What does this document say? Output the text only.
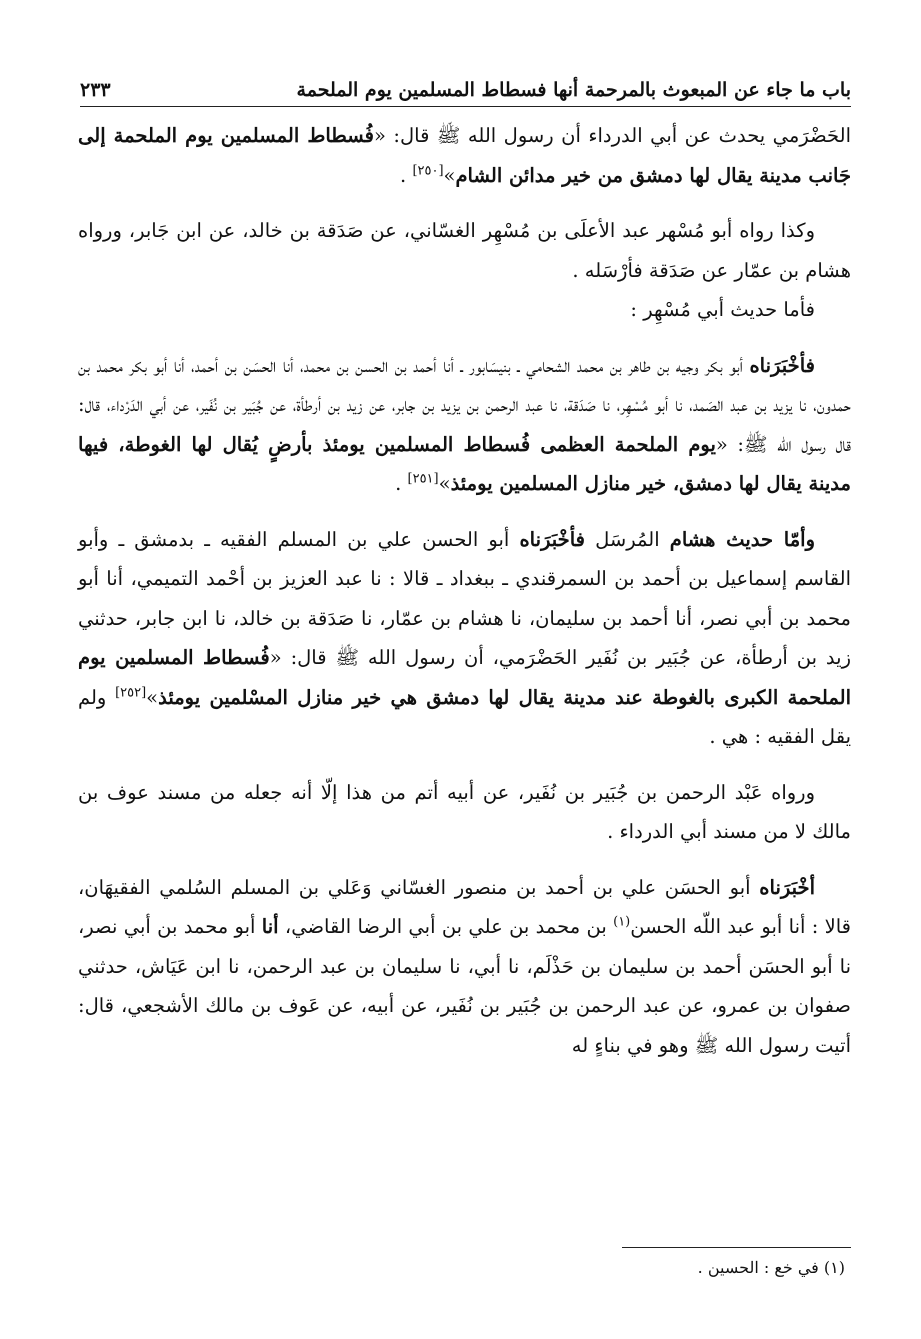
باب ما جاء عن المبعوث بالمرحمة أنها فسطاط المسلمين يوم الملحمة
٢٣٣

الحَضْرَمي يحدث عن أبي الدرداء أن رسول الله ﷺ قال: «فُسطاط المسلمين يوم الملحمة إلى جَانب مدينة يقال لها دمشق من خير مدائن الشام»[٢٥٠] .

وكذا رواه أبو مُسْهر عبد الأعلَى بن مُسْهِر الغسّاني، عن صَدَقة بن خالد، عن ابن جَابر، ورواه هشام بن عمّار عن صَدَقة فأرْسَله .

فأما حديث أبي مُسْهِر :

فأخْبَرَناه أبو بكر وجيه بن طاهر بن محمد الشحامي ـ بنيسَابور ـ أنا أحمد بن الحسن بن محمد، أنا الحسَن بن أحمد، أنا أبو بكر محمد بن حمدون، نا يزيد بن عبد الصَمد، نا أبو مُسْهِر، نا صَدَقة، نا عبد الرحمن بن يزيد بن جابر، عن زيد بن أرطأة، عن جُبَير بن نُفَير، عن أبي الدَرْداء، قال: قال رسول الله ﷺ: «يوم الملحمة العظمى فُسطاط المسلمين يومئذ بأرضٍ يُقال لها الغوطة، فيها مدينة يقال لها دمشق، خير منازل المسلمين يومئذ»[٢٥١] .

وأمّا حديث هشام المُرسَل فأخْبَرَناه أبو الحسن علي بن المسلم الفقيه ـ بدمشق ـ وأبو القاسم إسماعيل بن أحمد بن السمرقندي ـ ببغداد ـ قالا : نا عبد العزيز بن أحْمد التميمي، أنا أبو محمد بن أبي نصر، أنا أحمد بن سليمان، نا هشام بن عمّار، نا صَدَقة بن خالد، نا ابن جابر، حدثني زيد بن أرطأة، عن جُبَير بن نُفَير الحَضْرَمي، أن رسول الله ﷺ قال: «فُسطاط المسلمين يوم الملحمة الكبرى بالغوطة عند مدينة يقال لها دمشق هي خير منازل المسْلمين يومئذ»[٢٥٢] ولم يقل الفقيه : هي .

ورواه عَبْد الرحمن بن جُبَير بن نُفَير، عن أبيه أتم من هذا إلّا أنه جعله من مسند عوف بن مالك لا من مسند أبي الدرداء .

أخْبَرَناه أبو الحسَن علي بن أحمد بن منصور الغسّاني وَعَلي بن المسلم السُلمي الفقيهَان، قالا : أنا أبو عبد اللّه الحسن$^{(١)}$ بن محمد بن علي بن أبي الرضا القاضي، أنا أبو محمد بن أبي نصر، نا أبو الحسَن أحمد بن سليمان بن حَذْلَم، نا أبي، نا سليمان بن عبد الرحمن، نا ابن عَيَاش، حدثني صفوان بن عمرو، عن عبد الرحمن بن جُبَير بن نُفَير، عن أبيه، عن عَوف بن مالك الأشجعي، قال: أتيت رسول الله ﷺ وهو في بناءٍ له

(١) في خع : الحسين .
